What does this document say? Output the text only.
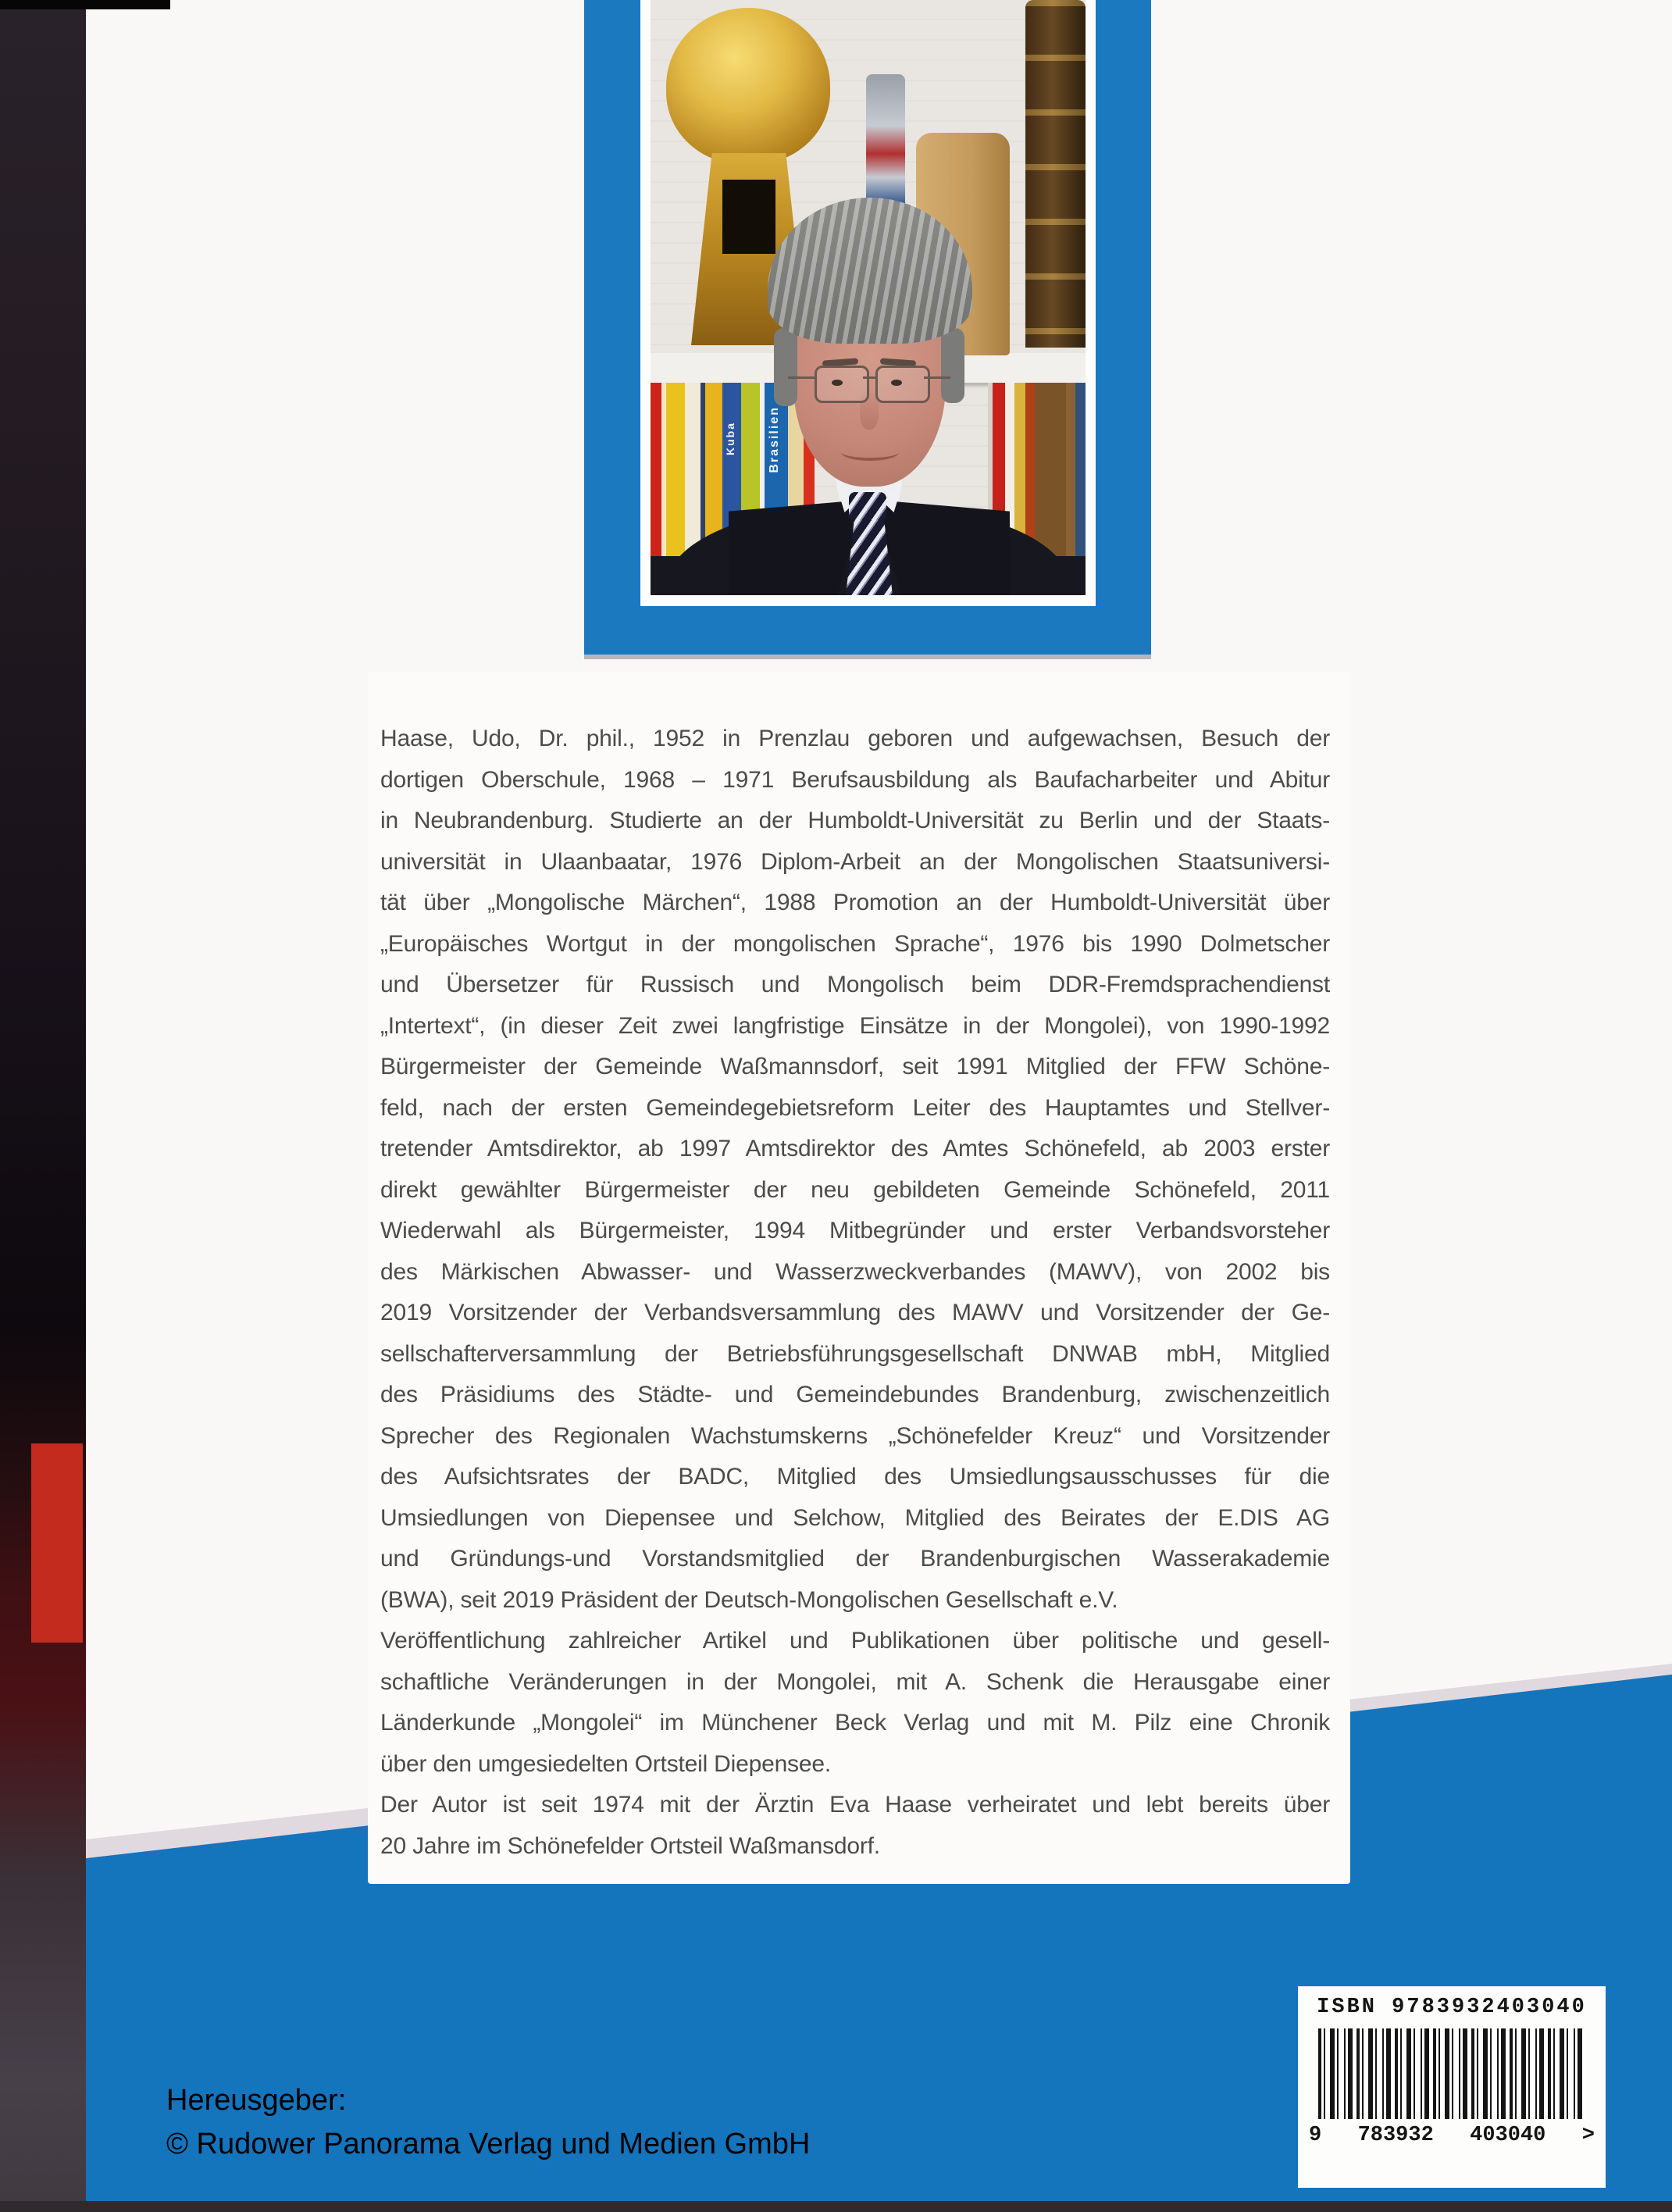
Kuba	Brasilien
Haase, Udo, Dr. phil., 1952 in Prenzlau geboren und aufgewachsen, Besuch der
dortigen Oberschule, 1968 – 1971 Berufsausbildung als Baufacharbeiter und Abitur
in Neubrandenburg. Studierte an der Humboldt-Universität zu Berlin und der Staats-
universität in Ulaanbaatar, 1976 Diplom-Arbeit an der Mongolischen Staatsuniversi-
tät über „Mongolische Märchen“, 1988 Promotion an der Humboldt-Universität über
„Europäisches Wortgut in der mongolischen Sprache“, 1976 bis 1990 Dolmetscher
und Übersetzer für Russisch und Mongolisch beim DDR-Fremdsprachendienst
„Intertext“, (in dieser Zeit zwei langfristige Einsätze in der Mongolei), von 1990-1992
Bürgermeister der Gemeinde Waßmannsdorf, seit 1991 Mitglied der FFW Schöne-
feld, nach der ersten Gemeindegebietsreform Leiter des Hauptamtes und Stellver-
tretender Amtsdirektor, ab 1997 Amtsdirektor des Amtes Schönefeld, ab 2003 erster
direkt gewählter Bürgermeister der neu gebildeten Gemeinde Schönefeld, 2011
Wiederwahl als Bürgermeister, 1994 Mitbegründer und erster Verbandsvorsteher
des Märkischen Abwasser- und Wasserzweckverbandes (MAWV), von 2002 bis
2019 Vorsitzender der Verbandsversammlung des MAWV und Vorsitzender der Ge-
sellschafterversammlung der Betriebsführungsgesellschaft DNWAB mbH, Mitglied
des Präsidiums des Städte- und Gemeindebundes Brandenburg, zwischenzeitlich
Sprecher des Regionalen Wachstumskerns „Schönefelder Kreuz“ und Vorsitzender
des Aufsichtsrates der BADC, Mitglied des Umsiedlungsausschusses für die
Umsiedlungen von Diepensee und Selchow, Mitglied des Beirates der E.DIS AG
und Gründungs-und Vorstandsmitglied der Brandenburgischen Wasserakademie
(BWA), seit 2019 Präsident der Deutsch-Mongolischen Gesellschaft e.V.
Veröffentlichung zahlreicher Artikel und Publikationen über politische und gesell-
schaftliche Veränderungen in der Mongolei, mit A. Schenk die Herausgabe einer
Länderkunde „Mongolei“ im Münchener Beck Verlag und mit M. Pilz eine Chronik
über den umgesiedelten Ortsteil Diepensee.
Der Autor ist seit 1974 mit der Ärztin Eva Haase verheiratet und lebt bereits über
20 Jahre im Schönefelder Ortsteil Waßmansdorf.
Hereusgeber:
© Rudower Panorama Verlag und Medien GmbH
ISBN 9783932403040
9 783932 403040 >
